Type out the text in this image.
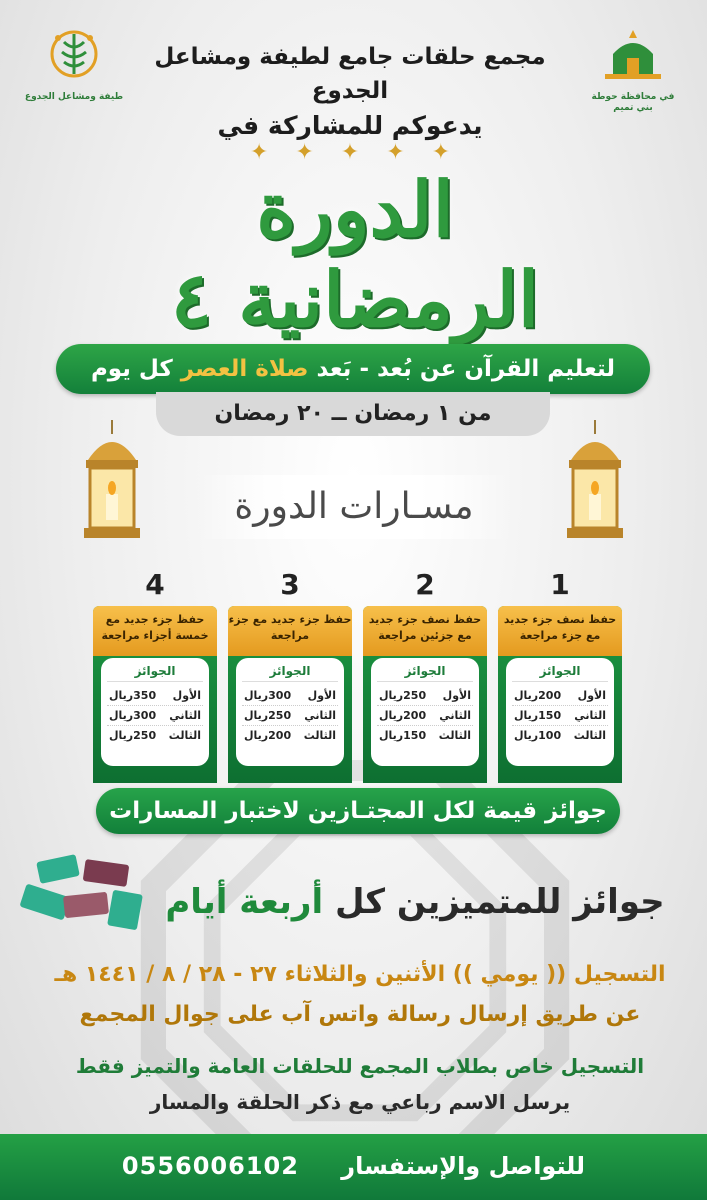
طيفة ومشاعل الجدوع	في محافظة حوطة بني تميم
مجمع حلقات جامع لطيفة ومشاعل الجدوع
يدعوكم للمشاركة في
✦ ✦ ✦ ✦ ✦
الدورة الرمضانية ٤
لتعليم القرآن عن بُعد - بَعد صلاة العصر كل يوم
من ١ رمضان ــ ٢٠ رمضان
مسـارات الدورة
1
حفظ نصف جزء جديد مع جزء مراجعة
الجوائز
الأول
200ريال
الثاني
150ريال
الثالث
100ريال
2
حفظ نصف جزء جديد مع جزئين مراجعة
الجوائز
الأول
250ريال
الثاني
200ريال
الثالث
150ريال
3
حفظ جزء جديد مع جزء مراجعة
الجوائز
الأول
300ريال
الثاني
250ريال
الثالث
200ريال
4
حفظ جزء جديد مع خمسة أجزاء مراجعة
الجوائز
الأول
350ريال
الثاني
300ريال
الثالث
250ريال
جوائز قيمة لكل المجتـازين لاختبار المسارات
جوائز للمتميزين كل أربعة أيام
التسجيل (( يومي )) الأثنين والثلاثاء ٢٧ - ٢٨ / ٨ / ١٤٤١ هـ
عن طريق إرسال رسالة واتس آب على جوال المجمع
التسجيل خاص بطلاب المجمع للحلقات العامة والتميز فقط
يرسل الاسم رباعي مع ذكر الحلقة والمسار
للتواصل والإستفسار 0556006102
